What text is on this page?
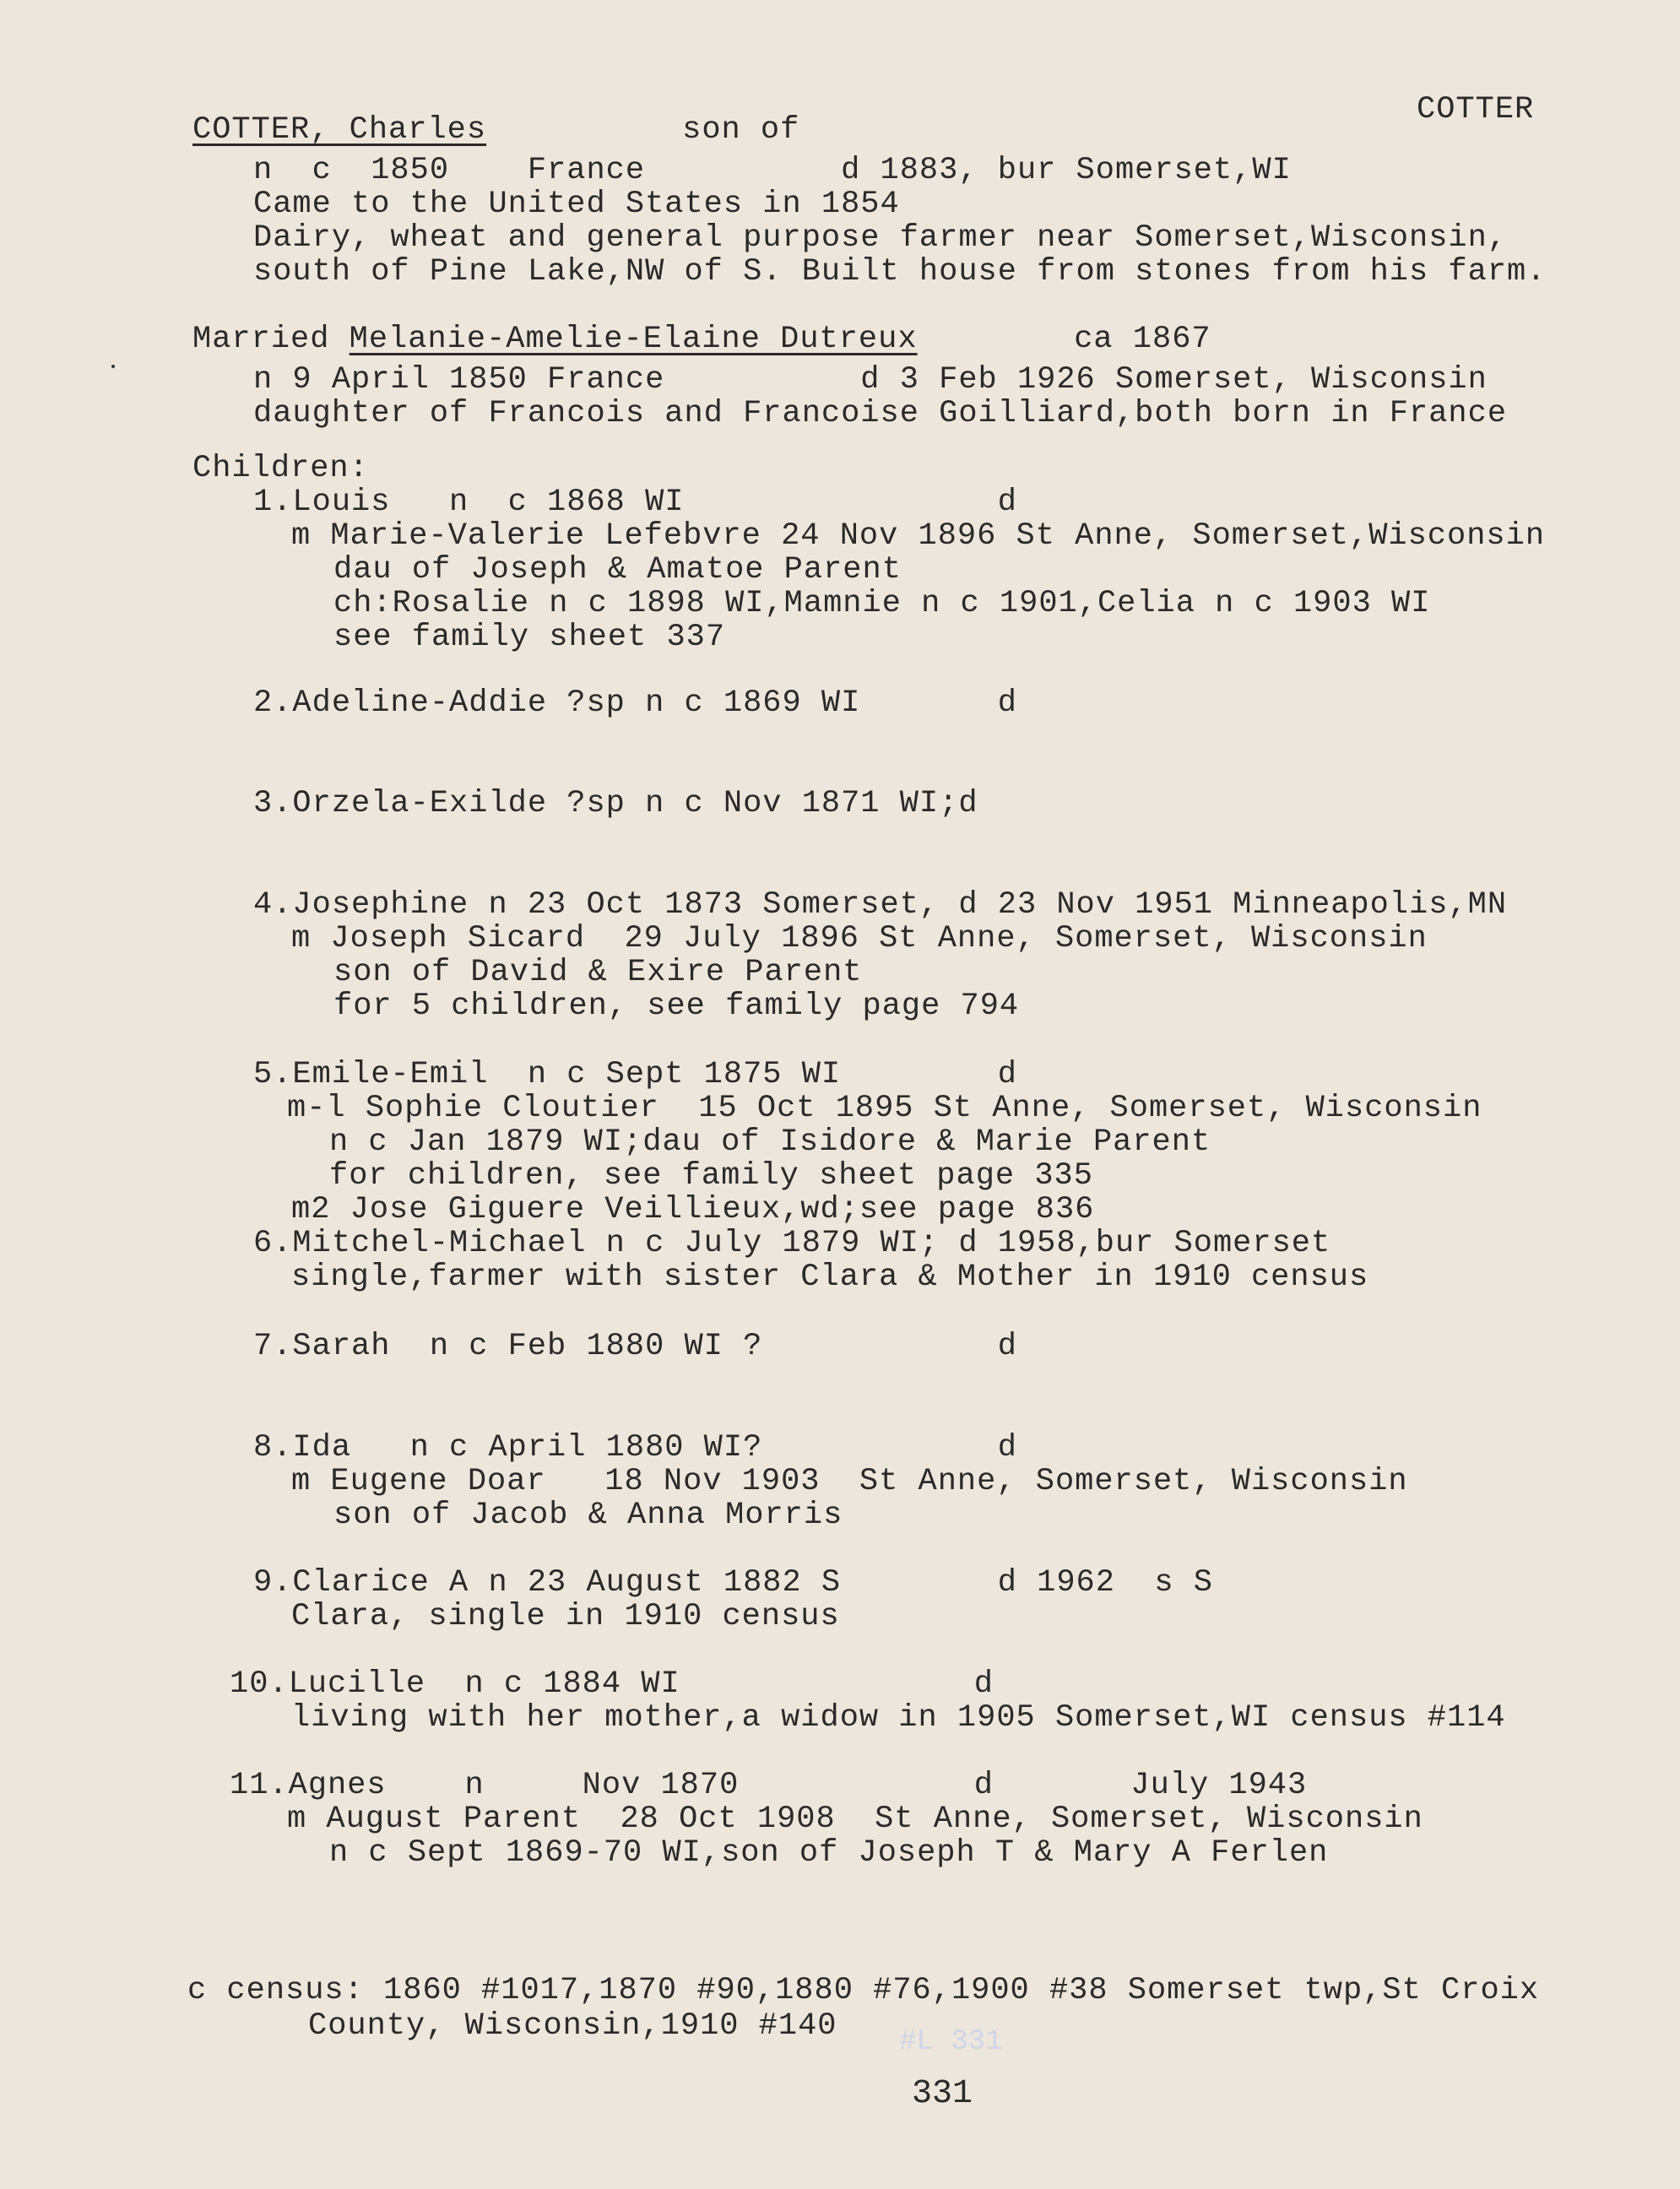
COTTER
COTTER, Charles	son of
n  c  1850    France          d 1883, bur Somerset,WI
Came to the United States in 1854
Dairy, wheat and general purpose farmer near Somerset,Wisconsin,
south of Pine Lake,NW of S. Built house from stones from his farm.
Married Melanie-Amelie-Elaine Dutreux	ca 1867
n 9 April 1850 France          d 3 Feb 1926 Somerset, Wisconsin
daughter of Francois and Francoise Goilliard,both born in France
Children:
1.Louis   n  c 1868 WI                d
m Marie-Valerie Lefebvre 24 Nov 1896 St Anne, Somerset,Wisconsin
dau of Joseph & Amatoe Parent
ch:Rosalie n c 1898 WI,Mamnie n c 1901,Celia n c 1903 WI
see family sheet 337
2.Adeline-Addie ?sp n c 1869 WI       d
3.Orzela-Exilde ?sp n c Nov 1871 WI;d
4.Josephine n 23 Oct 1873 Somerset, d 23 Nov 1951 Minneapolis,MN
m Joseph Sicard  29 July 1896 St Anne, Somerset, Wisconsin
son of David & Exire Parent
for 5 children, see family page 794
5.Emile-Emil  n c Sept 1875 WI        d
m-l Sophie Cloutier  15 Oct 1895 St Anne, Somerset, Wisconsin
n c Jan 1879 WI;dau of Isidore & Marie Parent
for children, see family sheet page 335
m2 Jose Giguere Veillieux,wd;see page 836
6.Mitchel-Michael n c July 1879 WI; d 1958,bur Somerset
single,farmer with sister Clara & Mother in 1910 census
7.Sarah  n c Feb 1880 WI ?            d
8.Ida   n c April 1880 WI?            d
m Eugene Doar   18 Nov 1903  St Anne, Somerset, Wisconsin
son of Jacob & Anna Morris
9.Clarice A n 23 August 1882 S        d 1962  s S
Clara, single in 1910 census
10.Lucille  n c 1884 WI               d
living with her mother,a widow in 1905 Somerset,WI census #114
11.Agnes    n     Nov 1870            d       July 1943
m August Parent  28 Oct 1908  St Anne, Somerset, Wisconsin
n c Sept 1869-70 WI,son of Joseph T & Mary A Ferlen
c census: 1860 #1017,1870 #90,1880 #76,1900 #38 Somerset twp,St Croix
County, Wisconsin,1910 #140 #L 331
331
